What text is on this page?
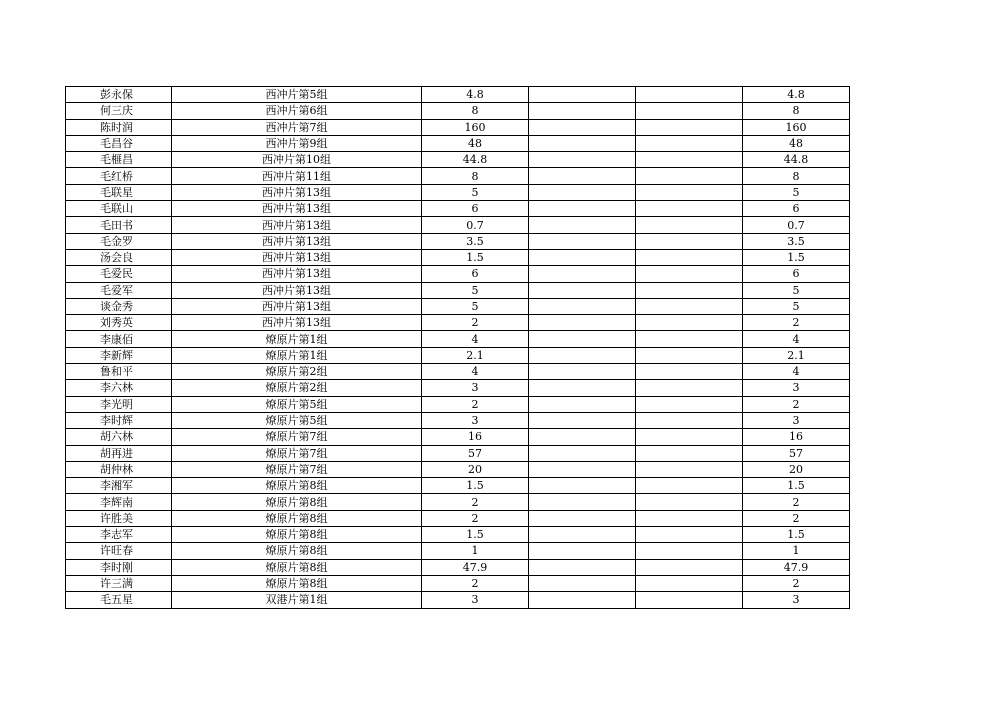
彭永保	西冲片第5组	4.8			4.8
何三庆	西冲片第6组	8			8
陈时润	西冲片第7组	160			160
毛昌谷	西冲片第9组	48			48
毛榧昌	西冲片第10组	44.8			44.8
毛红桥	西冲片第11组	8			8
毛联星	西冲片第13组	5			5
毛联山	西冲片第13组	6			6
毛田书	西冲片第13组	0.7			0.7
毛金罗	西冲片第13组	3.5			3.5
汤会良	西冲片第13组	1.5			1.5
毛爱民	西冲片第13组	6			6
毛爱军	西冲片第13组	5			5
谈金秀	西冲片第13组	5			5
刘秀英	西冲片第13组	2			2
李康佰	燎原片第1组	4			4
李新辉	燎原片第1组	2.1			2.1
鲁和平	燎原片第2组	4			4
李六林	燎原片第2组	3			3
李光明	燎原片第5组	2			2
李时辉	燎原片第5组	3			3
胡六林	燎原片第7组	16			16
胡再进	燎原片第7组	57			57
胡仲林	燎原片第7组	20			20
李湘军	燎原片第8组	1.5			1.5
李辉南	燎原片第8组	2			2
许胜美	燎原片第8组	2			2
李志军	燎原片第8组	1.5			1.5
许旺春	燎原片第8组	1			1
李时刚	燎原片第8组	47.9			47.9
许三满	燎原片第8组	2			2
毛五星	双港片第1组	3			3
